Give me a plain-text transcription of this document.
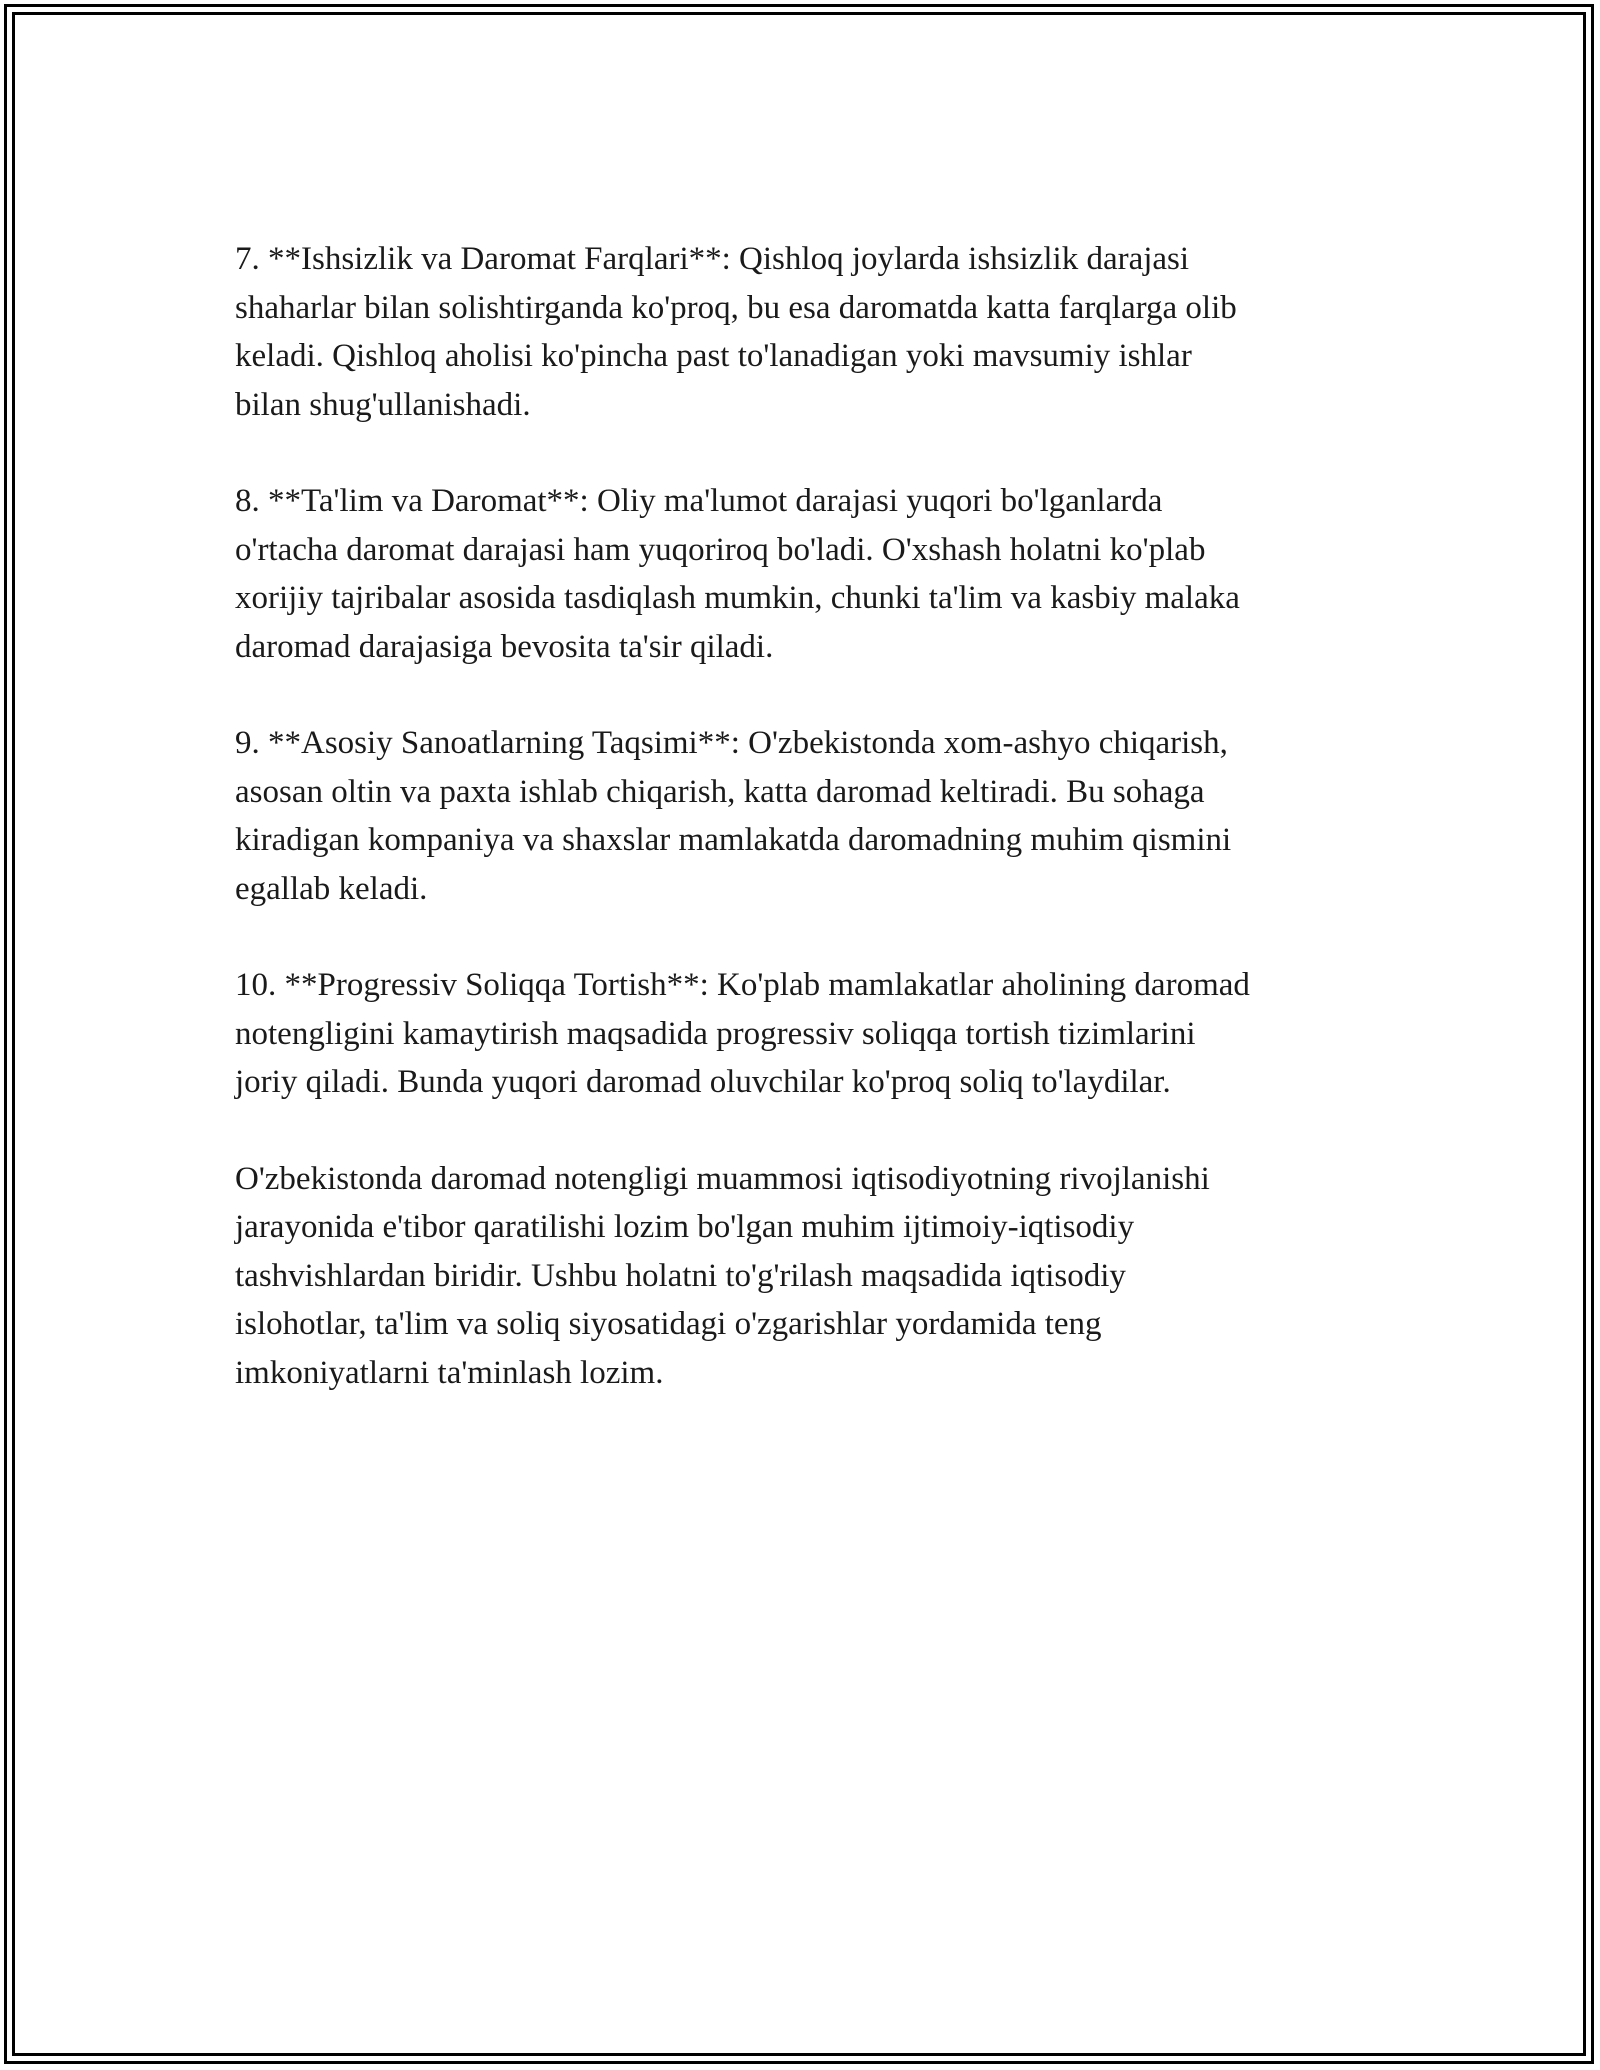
7. **Ishsizlik va Daromat Farqlari**: Qishloq joylarda ishsizlik darajasi
shaharlar bilan solishtirganda ko'proq, bu esa daromatda katta farqlarga olib
keladi. Qishloq aholisi ko'pincha past to'lanadigan yoki mavsumiy ishlar
bilan shug'ullanishadi.

8. **Ta'lim va Daromat**: Oliy ma'lumot darajasi yuqori bo'lganlarda
o'rtacha daromat darajasi ham yuqoriroq bo'ladi. O'xshash holatni ko'plab
xorijiy tajribalar asosida tasdiqlash mumkin, chunki ta'lim va kasbiy malaka
daromad darajasiga bevosita ta'sir qiladi.

9. **Asosiy Sanoatlarning Taqsimi**: O'zbekistonda xom-ashyo chiqarish,
asosan oltin va paxta ishlab chiqarish, katta daromad keltiradi. Bu sohaga
kiradigan kompaniya va shaxslar mamlakatda daromadning muhim qismini
egallab keladi.

10. **Progressiv Soliqqa Tortish**: Ko'plab mamlakatlar aholining daromad
notengligini kamaytirish maqsadida progressiv soliqqa tortish tizimlarini
joriy qiladi. Bunda yuqori daromad oluvchilar ko'proq soliq to'laydilar.

O'zbekistonda daromad notengligi muammosi iqtisodiyotning rivojlanishi
jarayonida e'tibor qaratilishi lozim bo'lgan muhim ijtimoiy-iqtisodiy
tashvishlardan biridir. Ushbu holatni to'g'rilash maqsadida iqtisodiy
islohotlar, ta'lim va soliq siyosatidagi o'zgarishlar yordamida teng
imkoniyatlarni ta'minlash lozim.
